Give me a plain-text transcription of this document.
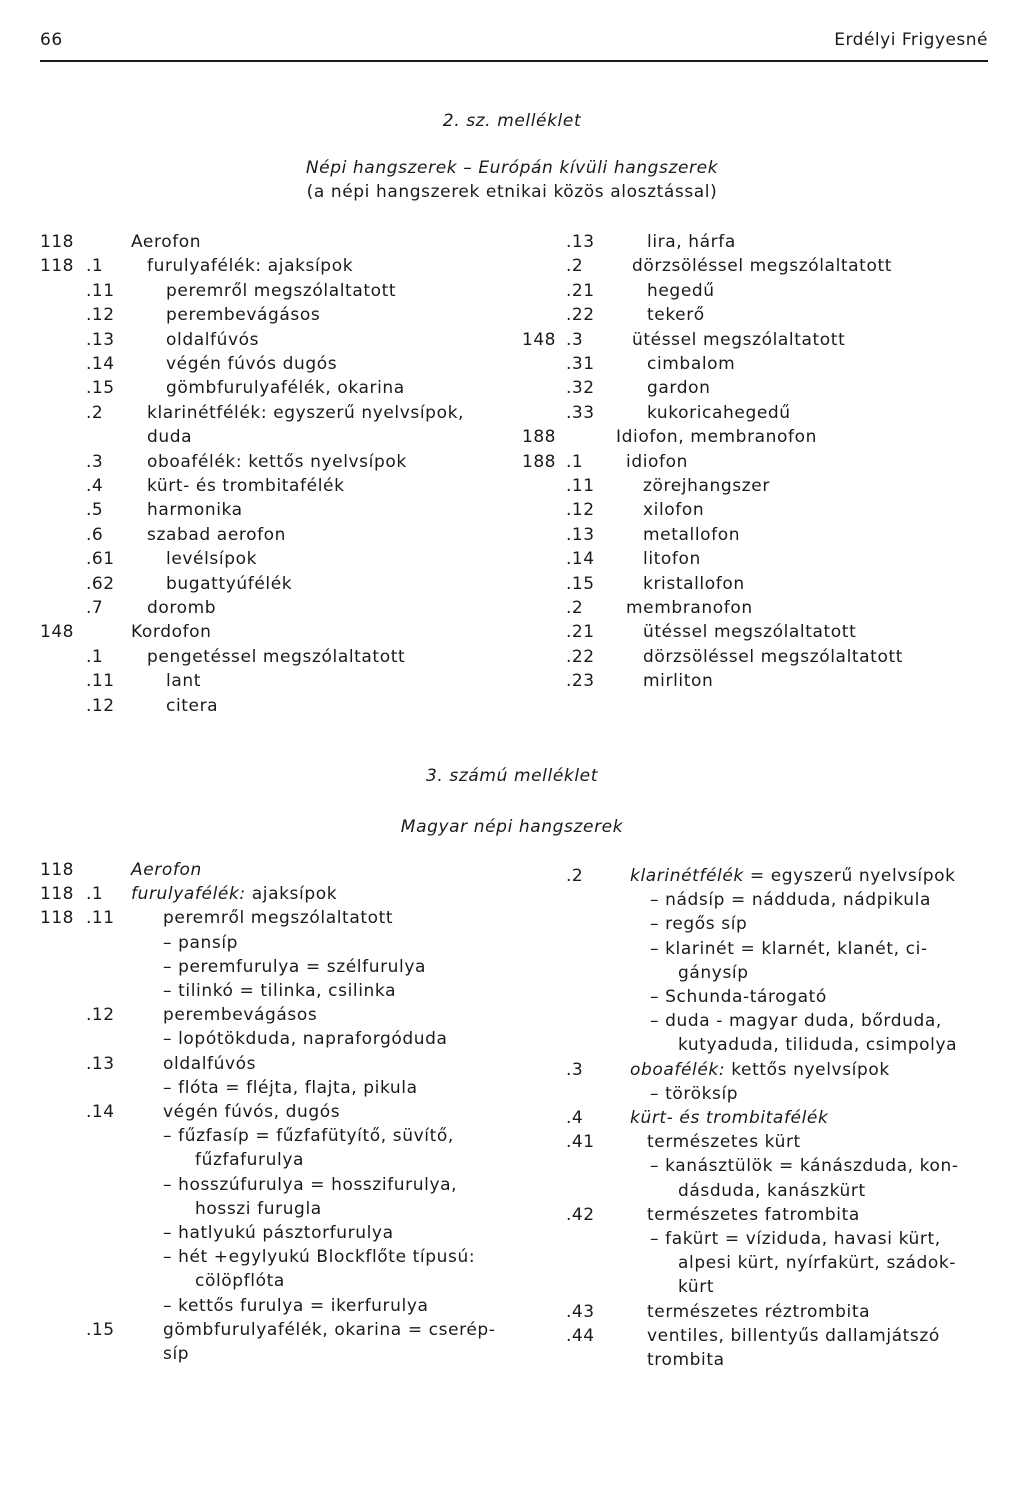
66	Erdélyi Frigyesné
2. sz. melléklet
Népi hangszerek – Európán kívüli hangszerek
(a népi hangszerek etnikai közös alosztással)
118	Aerofon
118 .1	furulyafélék: ajaksípok
.11	peremről megszólaltatott
.12	perembevágásos
.13	oldalfúvós
.14	végén fúvós dugós
.15	gömbfurulyafélék, okarina
.2	klarinétfélék: egyszerű nyelvsípok,
duda
.3	oboafélék: kettős nyelvsípok
.4	kürt- és trombitafélék
.5	harmonika
.6	szabad aerofon
.61	levélsípok
.62	bugattyúfélék
.7	doromb
148	Kordofon
.1	pengetéssel megszólaltatott
.11	lant
.12	citera
.13	lira, hárfa
.2	dörzsöléssel megszólaltatott
.21	hegedű
.22	tekerő
148 .3	ütéssel megszólaltatott
.31	cimbalom
.32	gardon
.33	kukoricahegedű
188	Idiofon, membranofon
188 .1	idiofon
.11	zörejhangszer
.12	xilofon
.13	metallofon
.14	litofon
.15	kristallofon
.2	membranofon
.21	ütéssel megszólaltatott
.22	dörzsöléssel megszólaltatott
.23	mirliton
3. számú melléklet
Magyar népi hangszerek
118	Aerofon
118 .1 furulyafélék: ajaksípok
118 .11	peremről megszólaltatott
– pansíp
– peremfurulya = szélfurulya
– tilinkó = tilinka, csilinka
.12	perembevágásos
– lopótökduda, napraforgóduda
.13	oldalfúvós
– flóta = fléjta, flajta, pikula
.14	végén fúvós, dugós
– fűzfasíp = fűzfafütyítő, süvítő,
fűzfafurulya
– hosszúfurulya = hosszifurulya,
hosszi furugla
– hatlyukú pásztorfurulya
– hét +egylyukú Blockflőte típusú:
cölöpflóta
– kettős furulya = ikerfurulya
.15	gömbfurulyafélék, okarina = cserép-
síp
.2	klarinétfélék = egyszerű nyelvsípok
– nádsíp = nádduda, nádpikula
– regős síp
– klarinét = klarnét, klanét, ci-
gánysíp
– Schunda-tárogató
– duda - magyar duda, bőrduda,
kutyaduda, tiliduda, csimpolya
.3	oboafélék: kettős nyelvsípok
– töröksíp
.4	kürt- és trombitafélék
.41	természetes kürt
– kanásztülök = kánászduda, kon-
dásduda, kanászkürt
.42	természetes fatrombita
– fakürt = víziduda, havasi kürt,
alpesi kürt, nyírfakürt, szádok-
kürt
.43	természetes réztrombita
.44	ventiles, billentyűs dallamjátszó
trombita
